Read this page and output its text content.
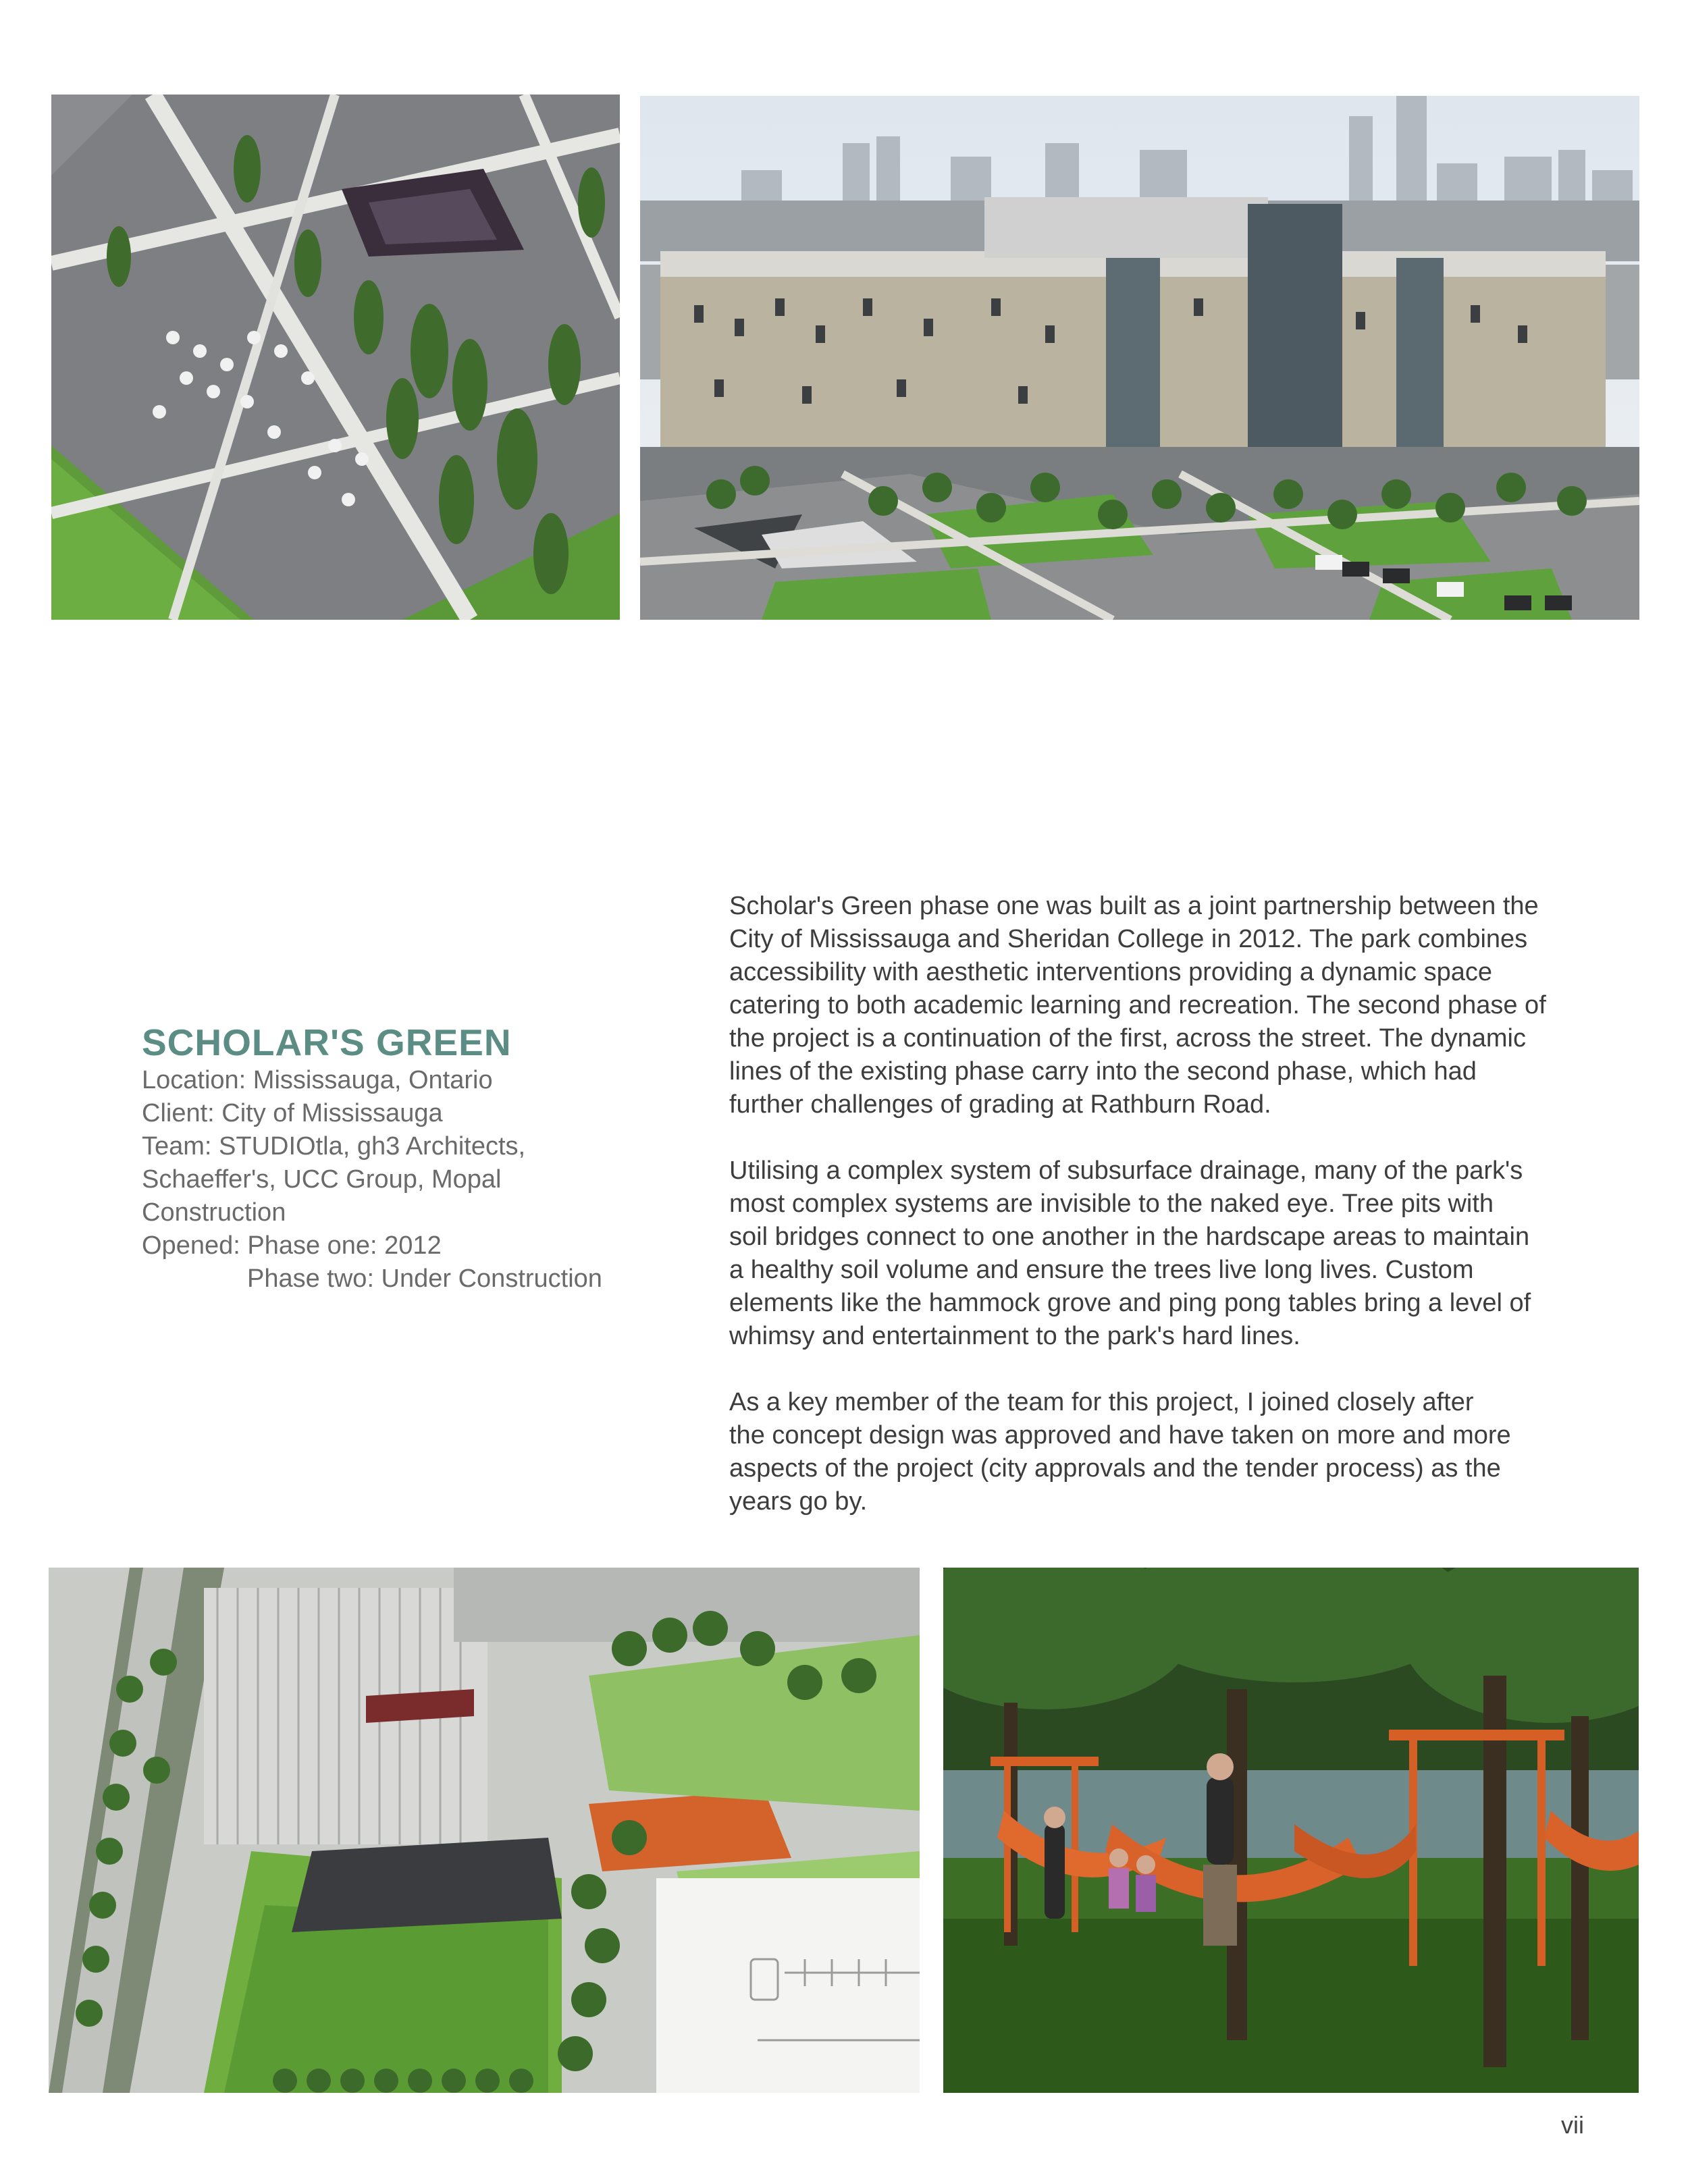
SCHOLAR'S GREEN

Location: Mississauga, Ontario

Client: City of Mississauga

Team: STUDIOtla, gh3 Architects,

Schaeffer's, UCC Group, Mopal

Construction

Opened: Phase one: 2012

Phase two: Under Construction

Scholar's Green phase one was built as a joint partnership between the
City of Mississauga and Sheridan College in 2012. The park combines
accessibility with aesthetic interventions providing a dynamic space
catering to both academic learning and recreation. The second phase of
the project is a continuation of the first, across the street. The dynamic
lines of the existing phase carry into the second phase, which had
further challenges of grading at Rathburn Road.

Utilising a complex system of subsurface drainage, many of the park's
most complex systems are invisible to the naked eye. Tree pits with
soil bridges connect to one another in the hardscape areas to maintain
a healthy soil volume and ensure the trees live long lives. Custom
elements like the hammock grove and ping pong tables bring a level of
whimsy and entertainment to the park's hard lines.

As a key member of the team for this project, I joined closely after
the concept design was approved and have taken on more and more
aspects of the project (city approvals and the tender process) as the
years go by.

vii
